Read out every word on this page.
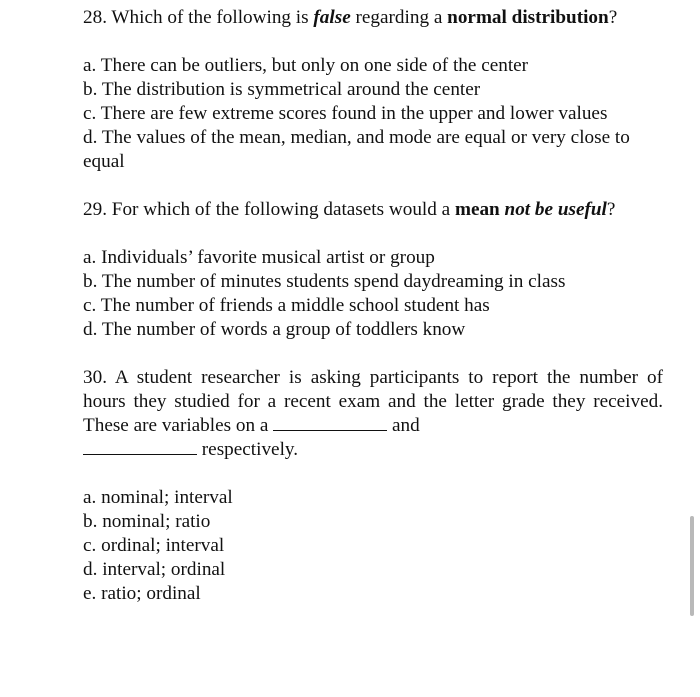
28. Which of the following is false regarding a normal distribution?

a. There can be outliers, but only on one side of the center
b. The distribution is symmetrical around the center
c. There are few extreme scores found in the upper and lower values
d. The values of the mean, median, and mode are equal or very close to equal

29. For which of the following datasets would a mean not be useful?

a. Individuals’ favorite musical artist or group
b. The number of minutes students spend daydreaming in class
c. The number of friends a middle school student has
d. The number of words a group of toddlers know

30. A student researcher is asking participants to report the number of hours they studied for a recent exam and the letter grade they received. These are variables on a	and
respectively.

a. nominal; interval
b. nominal; ratio
c. ordinal; interval
d. interval; ordinal
e. ratio; ordinal
